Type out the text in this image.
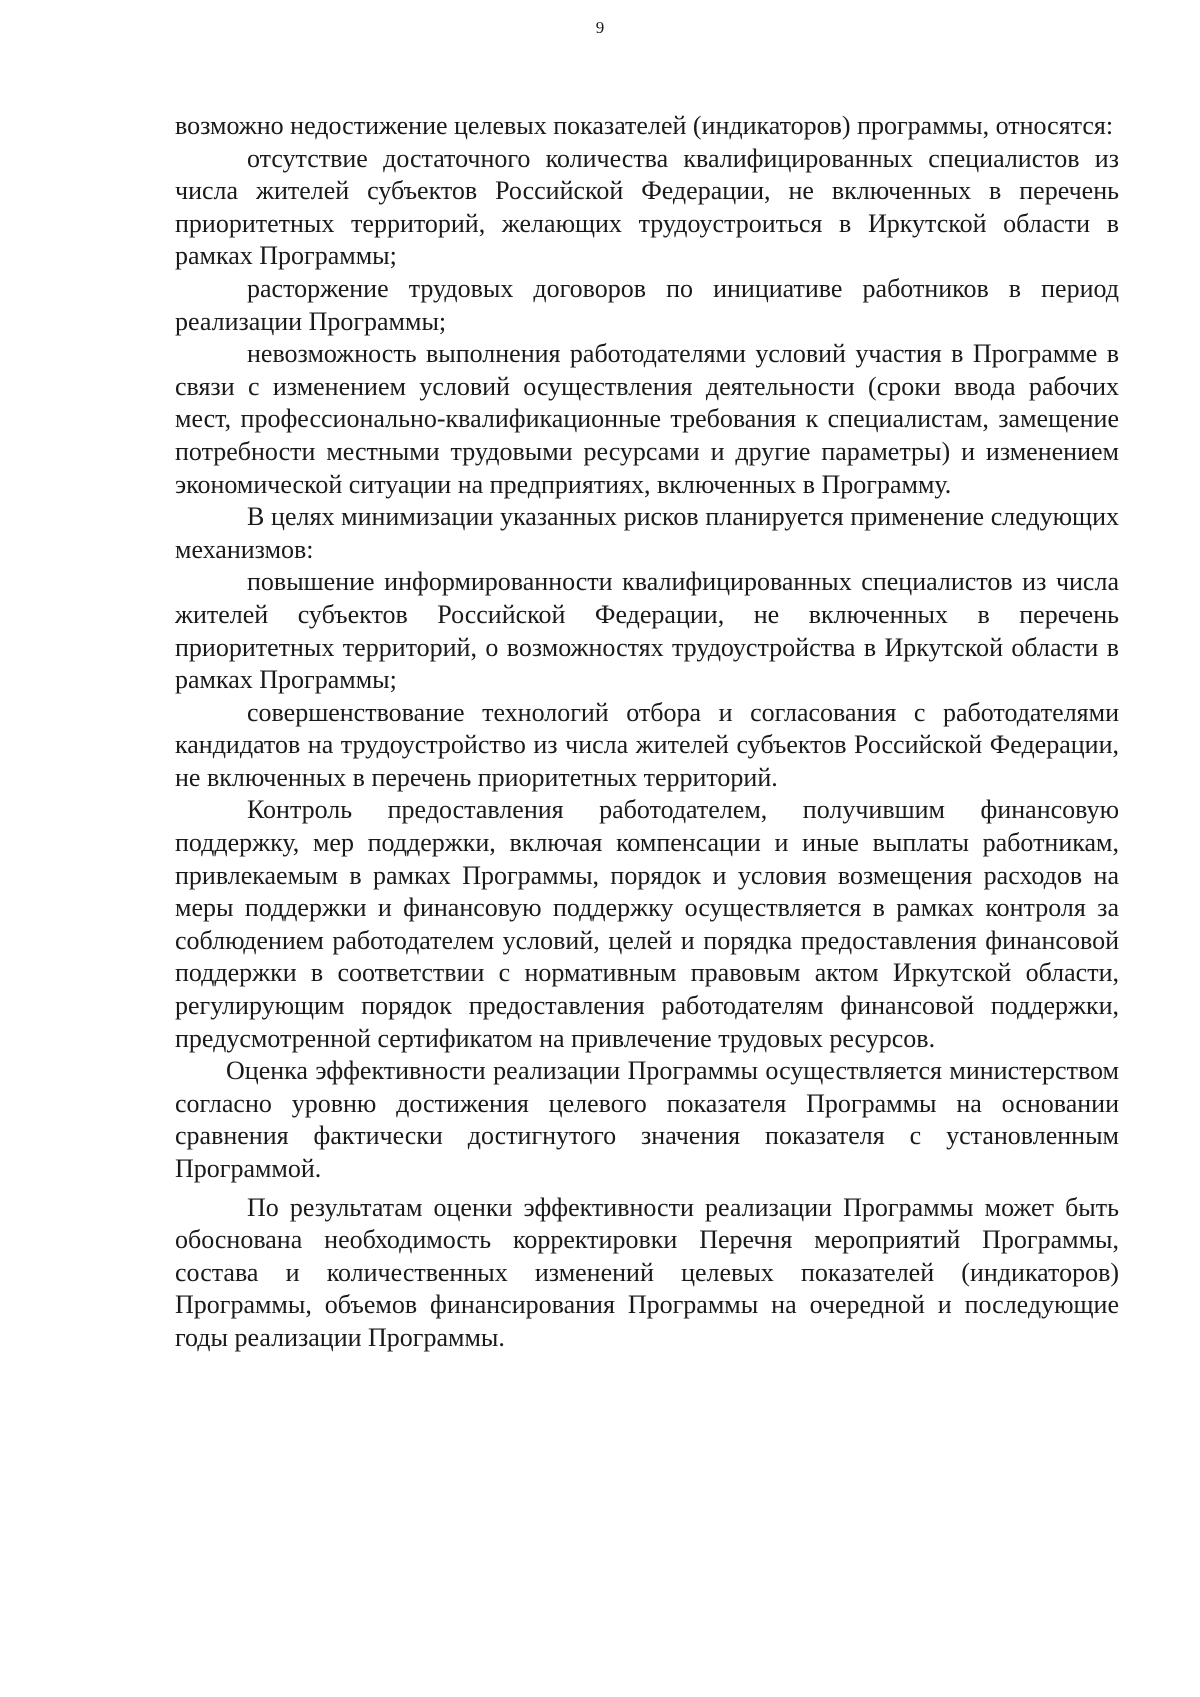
9

возможно недостижение целевых показателей (индикаторов) программы, относятся:

отсутствие достаточного количества квалифицированных специалистов из числа жителей субъектов Российской Федерации, не включенных в перечень приоритетных территорий, желающих трудоустроиться в Иркутской области в рамках Программы;

расторжение трудовых договоров по инициативе работников в период реализации Программы;

невозможность выполнения работодателями условий участия в Программе в связи с изменением условий осуществления деятельности (сроки ввода рабочих мест, профессионально-квалификационные требования к специалистам, замещение потребности местными трудовыми ресурсами и другие параметры) и изменением экономической ситуации на предприятиях, включенных в Программу.

В целях минимизации указанных рисков планируется применение следующих механизмов:

повышение информированности квалифицированных специалистов из числа жителей субъектов Российской Федерации, не включенных в перечень приоритетных территорий, о возможностях трудоустройства в Иркутской области в рамках Программы;

совершенствование технологий отбора и согласования с работодателями кандидатов на трудоустройство из числа жителей субъектов Российской Федерации, не включенных в перечень приоритетных территорий.

Контроль предоставления работодателем, получившим финансовую поддержку, мер поддержки, включая компенсации и иные выплаты работникам, привлекаемым в рамках Программы, порядок и условия возмещения расходов на меры поддержки и финансовую поддержку осуществляется в рамках контроля за соблюдением работодателем условий, целей и порядка предоставления финансовой поддержки в соответствии с нормативным правовым актом Иркутской области, регулирующим порядок предоставления работодателям финансовой поддержки, предусмотренной сертификатом на привлечение трудовых ресурсов.

Оценка эффективности реализации Программы осуществляется министерством согласно уровню достижения целевого показателя Программы на основании сравнения фактически достигнутого значения показателя с установленным Программой.

По результатам оценки эффективности реализации Программы может быть обоснована необходимость корректировки Перечня мероприятий Программы, состава и количественных изменений целевых показателей (индикаторов) Программы, объемов финансирования Программы на очередной и последующие годы реализации Программы.
